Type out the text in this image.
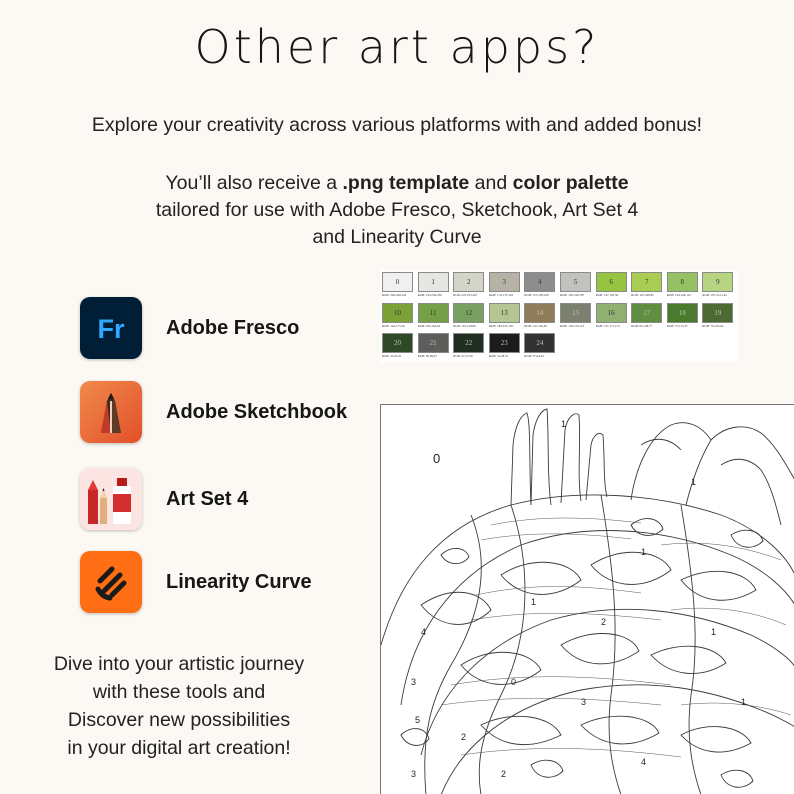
Other art apps?
Explore your creativity across various platforms with and added bonus!
You’ll also receive a .png template and color palette
tailored for use with Adobe Fresco, Sketchook, Art Set 4
and Linearity Curve
Fr Adobe Fresco
Adobe Sketchbook
Art Set 4
Linearity Curve
Dive into your artistic journey
with these tools and
Discover new possibilities
in your digital art creation!
0
RGB: 240,240,243
1
RGB: 233,236,230
2
RGB: 225,223,207
3
RGB: 176,175,163
4
RGB: 155,158,160
5
RGB: 195,196,187
6
RGB: 147,195,50
7
RGB: 167,208,85
8
RGB: 144,194,125
9
RGB: 187,212,144
10
RGB: 142,175,49
11
RGB: 106,162,62
12
RGB: 116,158,86
13
RGB: 180,225,156
14
RGB: 147,126,82
15
RGB: 126,125,113
16
RGB: 137,171,113
17
RGB: 95,138,77
18
RGB: 75,115,37
19
RGB: 79,103,62
20
RGB: 45,65,41
21
RGB: 99,99,97
22
RGB: 27,37,29
23
RGB: 31,28,31
24
RGB: 57,64,63
0
1
1
1
1
2
3
4
3
5
1
0
2
4
1
2
3
